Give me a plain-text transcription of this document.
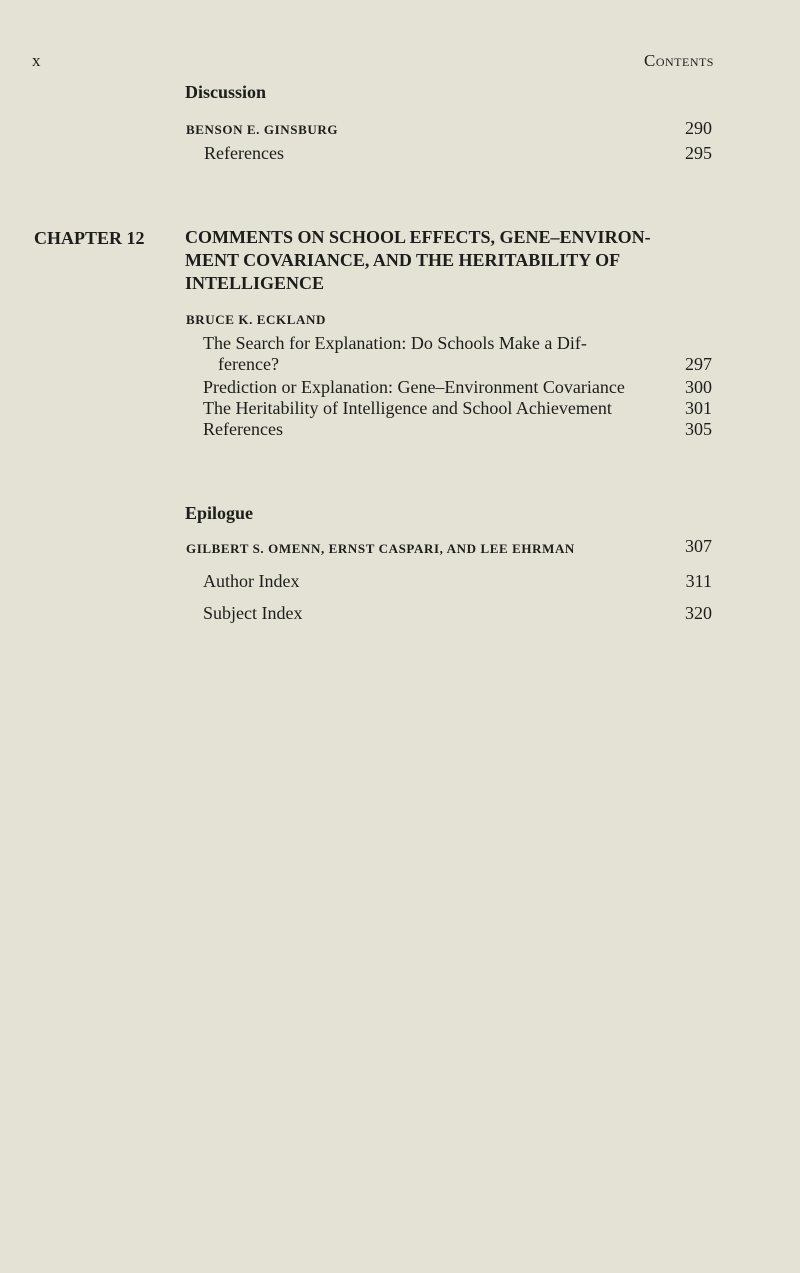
x	Contents
Discussion
BENSON E. GINSBURG	290
References	295
CHAPTER 12 COMMENTS ON SCHOOL EFFECTS, GENE–ENVIRON-
MENT COVARIANCE, AND THE HERITABILITY OF
INTELLIGENCE
BRUCE K. ECKLAND
The Search for Explanation: Do Schools Make a Dif-
ference?	297
Prediction or Explanation: Gene–Environment Covariance	300
The Heritability of Intelligence and School Achievement	301
References	305
Epilogue
GILBERT S. OMENN, ERNST CASPARI, AND LEE EHRMAN	307
Author Index	311
Subject Index	320
